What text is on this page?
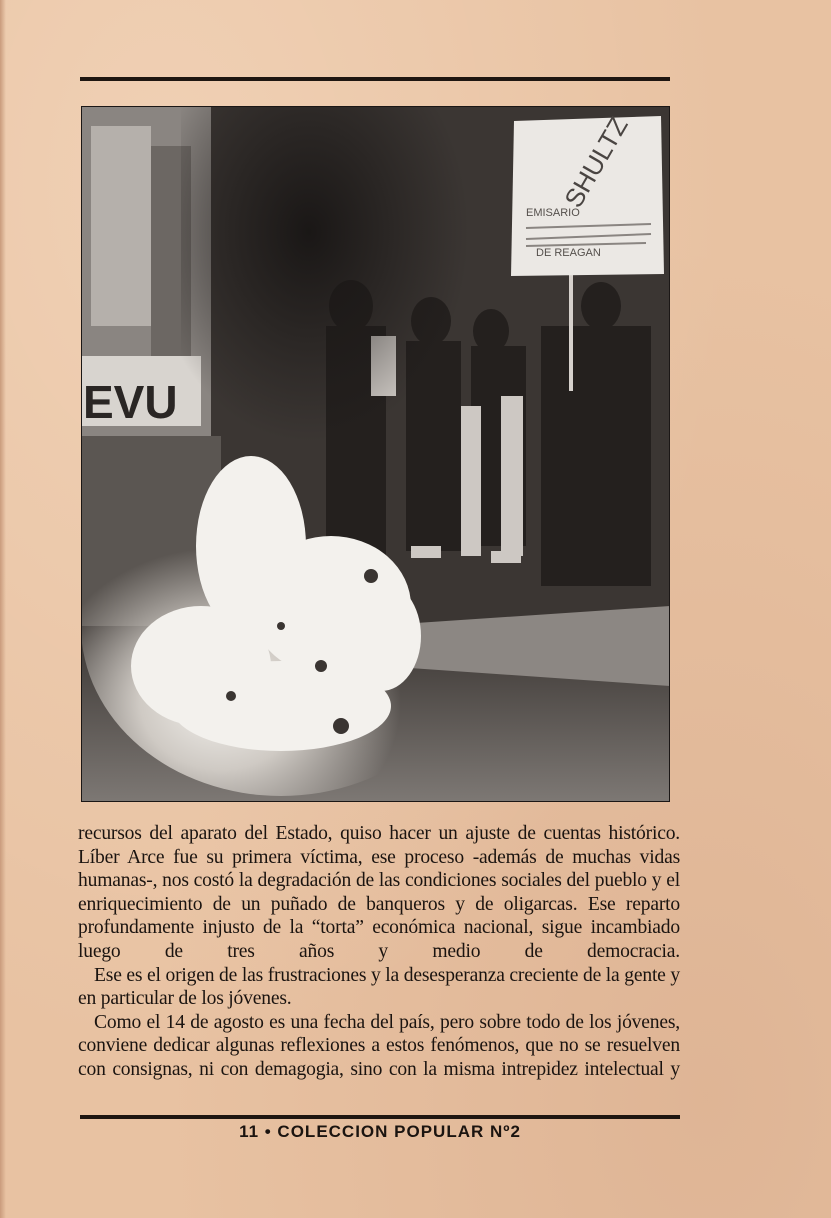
EVU
SHULTZ
EMISARIO
DE REAGAN

recursos del aparato del Estado, quiso hacer un ajuste de cuentas histórico. Líber Arce fue su primera víctima, ese proceso -además de muchas vidas humanas-, nos costó la degradación de las condiciones sociales del pueblo y el enriquecimiento de un puñado de banqueros y de oligarcas. Ese reparto profundamente injusto de la “torta” económica nacional, sigue incambiado luego de tres años y medio de democracia.

Ese es el origen de las frustraciones y la desesperanza creciente de la gente y en particular de los jóvenes.

Como el 14 de agosto es una fecha del país, pero sobre todo de los jóvenes, conviene dedicar algunas reflexiones a estos fenómenos, que no se resuelven con consignas, ni con demagogia, sino con la misma intrepidez intelectual y

11 • COLECCION POPULAR Nº2
